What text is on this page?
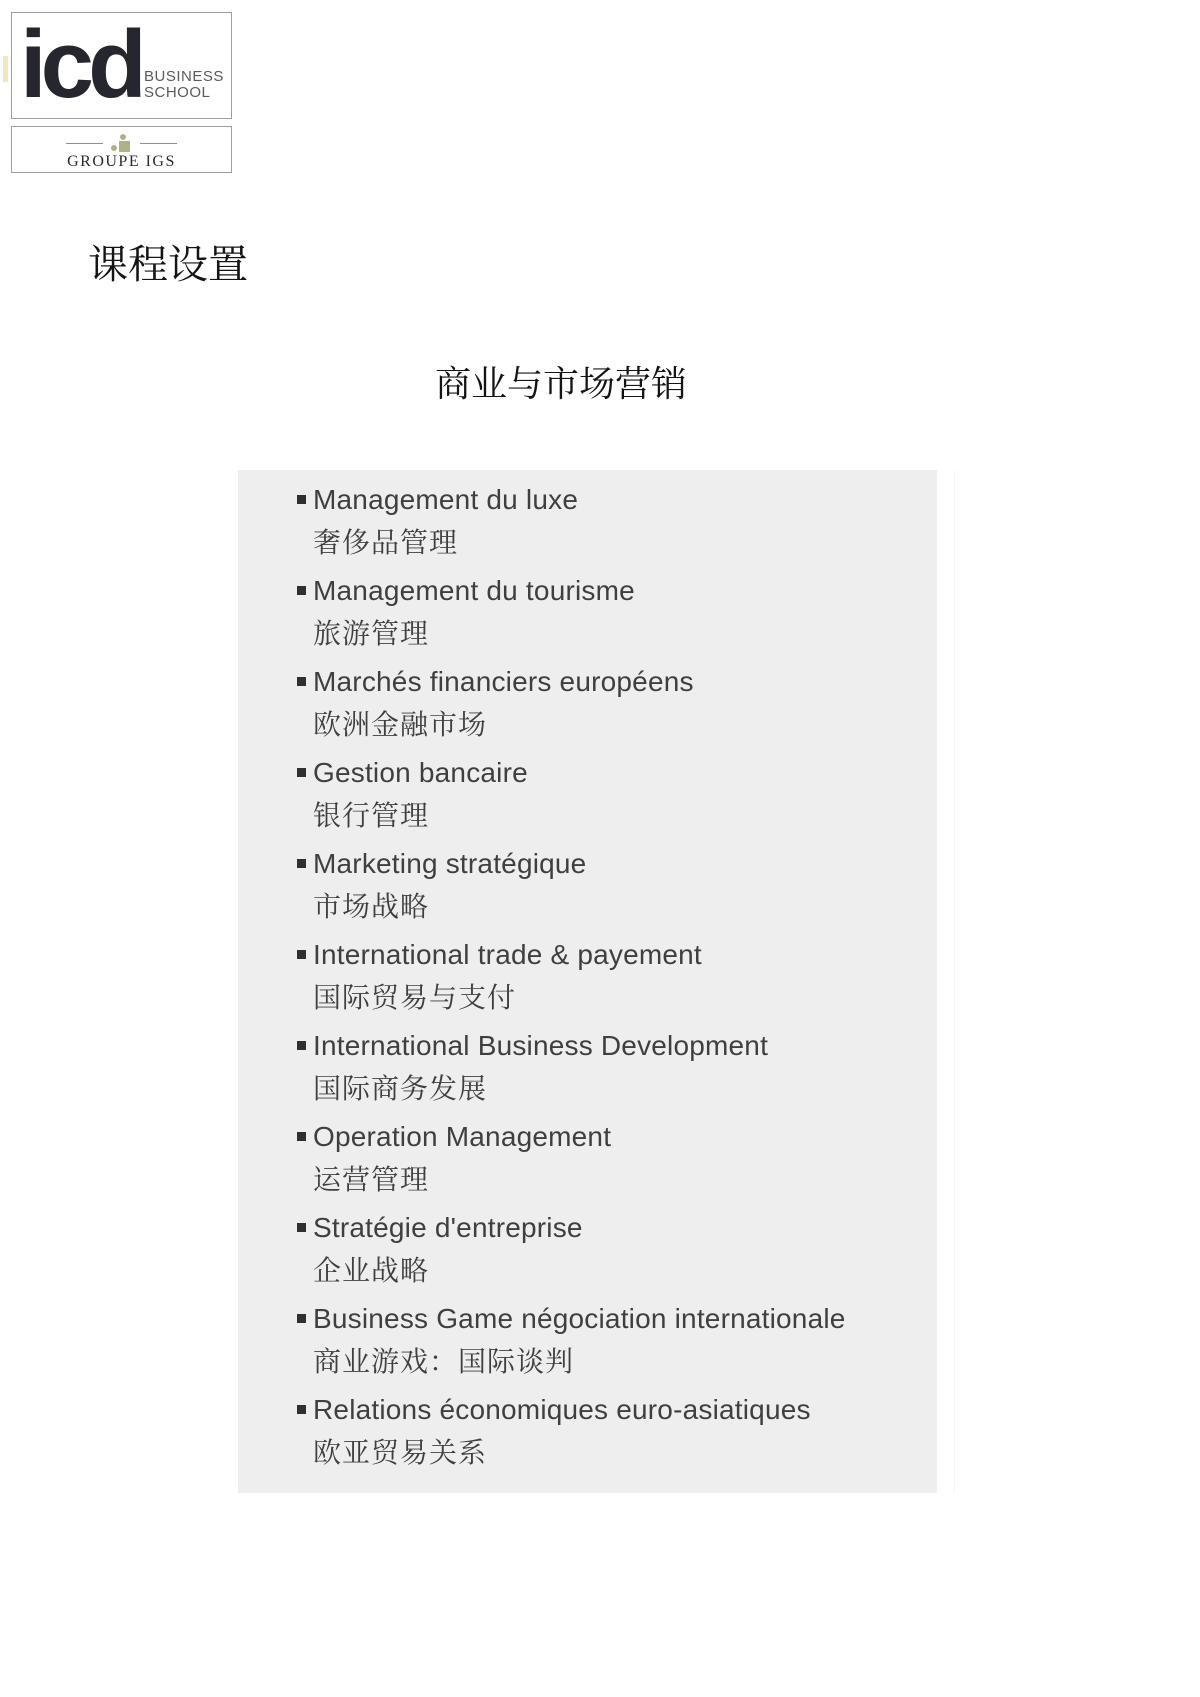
icd BUSINESS
SCHOOL
GROUPE IGS
课程设置
商业与市场营销
Management du luxe
奢侈品管理
Management du tourisme
旅游管理
Marchés financiers européens
欧洲金融市场
Gestion bancaire
银行管理
Marketing stratégique
市场战略
International trade & payement
国际贸易与支付
International Business Development
国际商务发展
Operation Management
运营管理
Stratégie d'entreprise
企业战略
Business Game négociation internationale
商业游戏：国际谈判
Relations économiques euro-asiatiques
欧亚贸易关系
